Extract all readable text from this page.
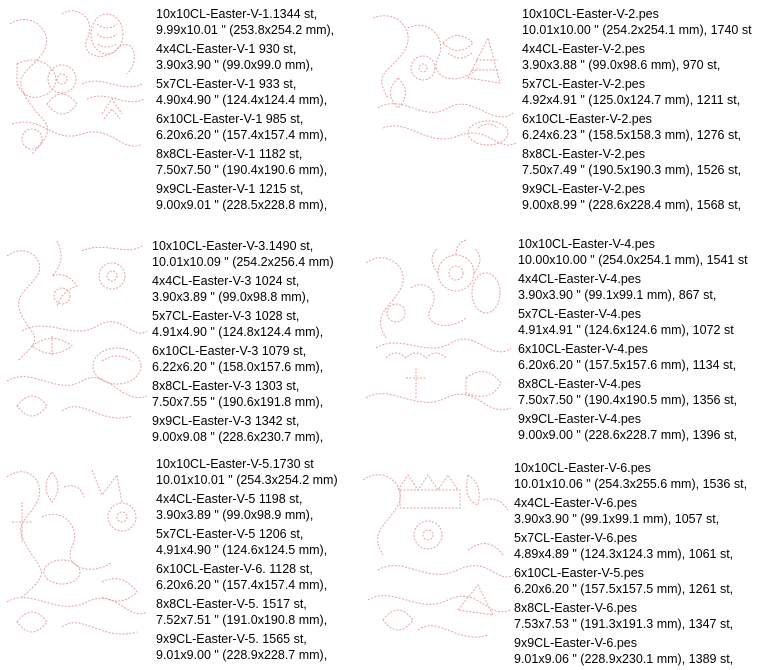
10x10CL-Easter-V-1.1344 st,
9.99x10.01 " (253.8x254.2 mm),
4x4CL-Easter-V-1 930 st,
3.90x3.90 " (99.0x99.0 mm),
5x7CL-Easter-V-1 933 st,
4.90x4.90 " (124.4x124.4 mm),
6x10CL-Easter-V-1 985 st,
6.20x6.20 " (157.4x157.4 mm),
8x8CL-Easter-V-1 1182 st,
7.50x7.50 " (190.4x190.6 mm),
9x9CL-Easter-V-1 1215 st,
9.00x9.01 " (228.5x228.8 mm),
10x10CL-Easter-V-2.pes
10.01x10.00 " (254.2x254.1 mm), 1740 st
4x4CL-Easter-V-2.pes
3.90x3.88 " (99.0x98.6 mm), 970 st,
5x7CL-Easter-V-2.pes
4.92x4.91 " (125.0x124.7 mm), 1211 st,
6x10CL-Easter-V-2.pes
6.24x6.23 " (158.5x158.3 mm), 1276 st,
8x8CL-Easter-V-2.pes
7.50x7.49 " (190.5x190.3 mm), 1526 st,
9x9CL-Easter-V-2.pes
9.00x8.99 " (228.6x228.4 mm), 1568 st,
10x10CL-Easter-V-3.1490 st,
10.01x10.09 " (254.2x256.4 mm)
4x4CL-Easter-V-3 1024 st,
3.90x3.89 " (99.0x98.8 mm),
5x7CL-Easter-V-3 1028 st,
4.91x4.90 " (124.8x124.4 mm),
6x10CL-Easter-V-3 1079 st,
6.22x6.20 " (158.0x157.6 mm),
8x8CL-Easter-V-3 1303 st,
7.50x7.55 " (190.6x191.8 mm),
9x9CL-Easter-V-3 1342 st,
9.00x9.08 " (228.6x230.7 mm),
10x10CL-Easter-V-4.pes
10.00x10.00 " (254.0x254.1 mm), 1541 st
4x4CL-Easter-V-4.pes
3.90x3.90 " (99.1x99.1 mm), 867 st,
5x7CL-Easter-V-4.pes
4.91x4.91 " (124.6x124.6 mm), 1072 st
6x10CL-Easter-V-4.pes
6.20x6.20 " (157.5x157.6 mm), 1134 st,
8x8CL-Easter-V-4.pes
7.50x7.50 " (190.4x190.5 mm), 1356 st,
9x9CL-Easter-V-4.pes
9.00x9.00 " (228.6x228.7 mm), 1396 st,
10x10CL-Easter-V-5.1730 st
10.01x10.01 " (254.3x254.2 mm)
4x4CL-Easter-V-5 1198 st,
3.90x3.89 " (99.0x98.9 mm),
5x7CL-Easter-V-5 1206 st,
4.91x4.90 " (124.6x124.5 mm),
6x10CL-Easter-V-6. 1128 st,
6.20x6.20 " (157.4x157.4 mm),
8x8CL-Easter-V-5. 1517 st,
7.52x7.51 " (191.0x190.8 mm),
9x9CL-Easter-V-5. 1565 st,
9.01x9.00 " (228.9x228.7 mm),
10x10CL-Easter-V-6.pes
10.01x10.06 " (254.3x255.6 mm), 1536 st,
4x4CL-Easter-V-6.pes
3.90x3.90 " (99.1x99.1 mm), 1057 st,
5x7CL-Easter-V-6.pes
4.89x4.89 " (124.3x124.3 mm), 1061 st,
6x10CL-Easter-V-5.pes
6.20x6.20 " (157.5x157.5 mm), 1261 st,
8x8CL-Easter-V-6.pes
7.53x7.53 " (191.3x191.3 mm), 1347 st,
9x9CL-Easter-V-6.pes
9.01x9.06 " (228.9x230.1 mm), 1389 st,
